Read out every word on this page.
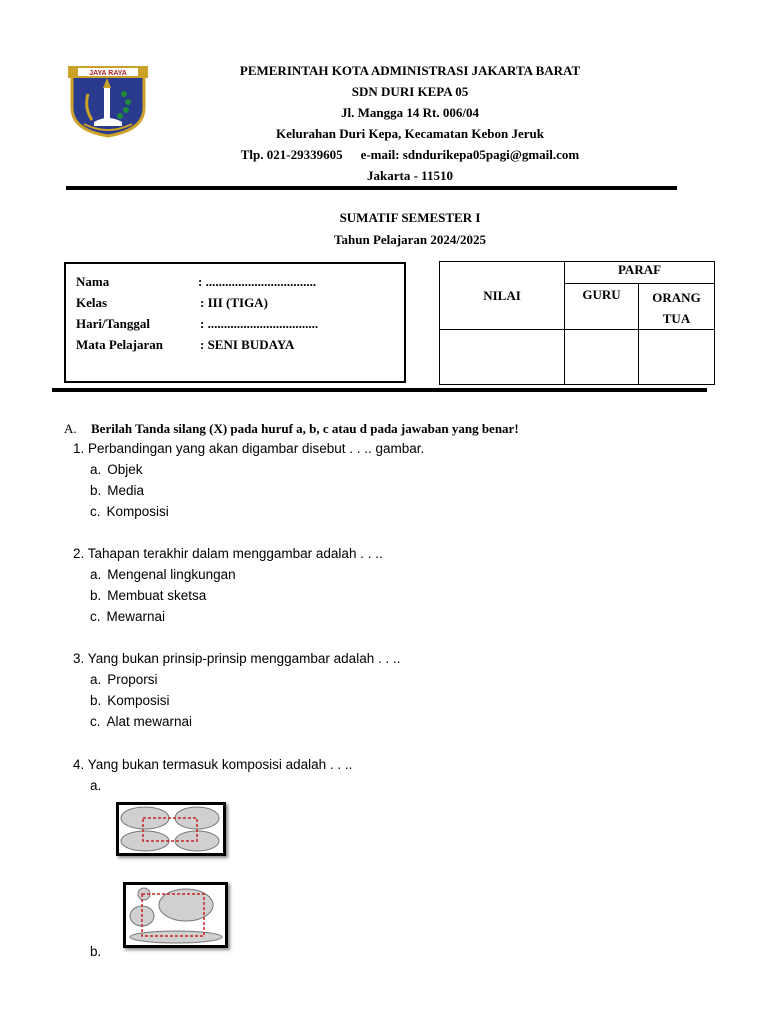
JAYA RAYA	PEMERINTAH KOTA ADMINISTRASI JAKARTA BARAT
SDN DURI KEPA 05
Jl. Mangga 14 Rt. 006/04
Kelurahan Duri Kepa, Kecamatan Kebon Jeruk
Tlp. 021-29339605 e-mail: sdndurikepa05pagi@gmail.com
Jakarta - 11510
SUMATIF SEMESTER I
Tahun Pelajaran 2024/2025
Nama	: ..................................
Kelas	: III (TIGA)
Hari/Tanggal	: ..................................
Mata Pelajaran	: SENI BUDAYA
NILAI	PARAF	
	GURU	ORANG
TUA

A. Berilah Tanda silang (X) pada huruf a, b, c atau d pada jawaban yang benar!
1. Perbandingan yang akan digambar disebut . . .. gambar.
a. Objek
b. Media
c. Komposisi
2. Tahapan terakhir dalam menggambar adalah . . ..
a. Mengenal lingkungan
b. Membuat sketsa
c. Mewarnai
3. Yang bukan prinsip-prinsip menggambar adalah . . ..
a. Proporsi
b. Komposisi
c. Alat mewarnai
4. Yang bukan termasuk komposisi adalah . . ..
a.
b.
